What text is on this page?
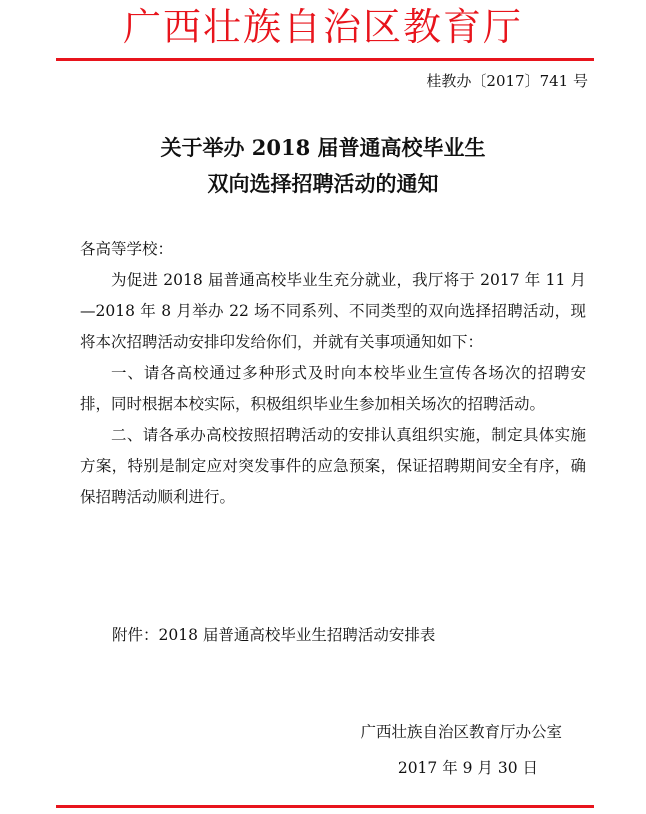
广西壮族自治区教育厅
桂教办〔2017〕741 号
关于举办 2018 届普通高校毕业生
双向选择招聘活动的通知

各高等学校：

为促进 2018 届普通高校毕业生充分就业，我厅将于 2017 年 11 月—2018 年 8 月举办 22 场不同系列、不同类型的双向选择招聘活动，现将本次招聘活动安排印发给你们，并就有关事项通知如下：

一、请各高校通过多种形式及时向本校毕业生宣传各场次的招聘安排，同时根据本校实际，积极组织毕业生参加相关场次的招聘活动。

二、请各承办高校按照招聘活动的安排认真组织实施，制定具体实施方案，特别是制定应对突发事件的应急预案，保证招聘期间安全有序，确保招聘活动顺利进行。

附件：2018 届普通高校毕业生招聘活动安排表
广西壮族自治区教育厅办公室
2017 年 9 月 30 日
